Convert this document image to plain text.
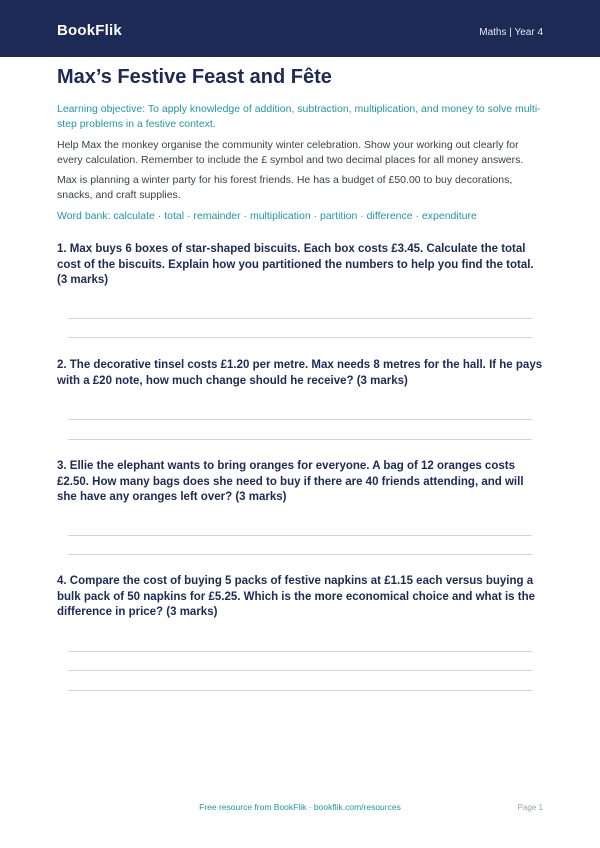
BookFlik	Maths | Year 4
Max’s Festive Feast and Fête
Learning objective: To apply knowledge of addition, subtraction, multiplication, and money to solve multi-step problems in a festive context.
Help Max the monkey organise the community winter celebration. Show your working out clearly for every calculation. Remember to include the £ symbol and two decimal places for all money answers.
Max is planning a winter party for his forest friends. He has a budget of £50.00 to buy decorations, snacks, and craft supplies.
Word bank: calculate · total · remainder · multiplication · partition · difference · expenditure
1. Max buys 6 boxes of star-shaped biscuits. Each box costs £3.45. Calculate the total cost of the biscuits. Explain how you partitioned the numbers to help you find the total. (3 marks)
2. The decorative tinsel costs £1.20 per metre. Max needs 8 metres for the hall. If he pays with a £20 note, how much change should he receive? (3 marks)
3. Ellie the elephant wants to bring oranges for everyone. A bag of 12 oranges costs £2.50. How many bags does she need to buy if there are 40 friends attending, and will she have any oranges left over? (3 marks)
4. Compare the cost of buying 5 packs of festive napkins at £1.15 each versus buying a bulk pack of 50 napkins for £5.25. Which is the more economical choice and what is the difference in price? (3 marks)
Free resource from BookFlik · bookflik.com/resources	Page 1
